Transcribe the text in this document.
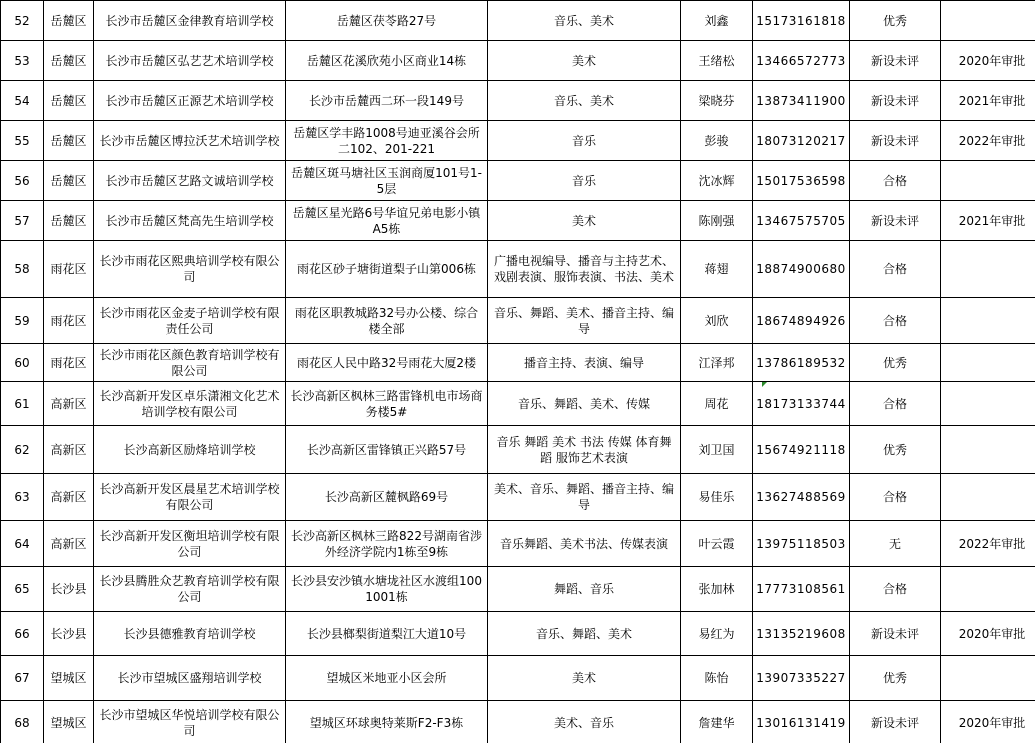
52	岳麓区	长沙市岳麓区金律教育培训学校	岳麓区茯苓路27号	音乐、美术	刘鑫	15173161818	优秀	
53	岳麓区	长沙市岳麓区弘艺艺术培训学校	岳麓区花溪欣苑小区商业14栋	美术	王绪松	13466572773	新设未评	2020年审批
54	岳麓区	长沙市岳麓区正源艺术培训学校	长沙市岳麓西二环一段149号	音乐、美术	梁晓芬	13873411900	新设未评	2021年审批
55	岳麓区	长沙市岳麓区博拉沃艺术培训学校	岳麓区学丰路1008号迪亚溪谷会所二102、201-221	音乐	彭骏	18073120217	新设未评	2022年审批
56	岳麓区	长沙市岳麓区艺路文诚培训学校	岳麓区斑马塘社区玉润商厦101号1-5层	音乐	沈冰辉	15017536598	合格	
57	岳麓区	长沙市岳麓区梵高先生培训学校	岳麓区星光路6号华谊兄弟电影小镇A5栋	美术	陈刚强	13467575705	新设未评	2021年审批
58	雨花区	长沙市雨花区熙典培训学校有限公司	雨花区砂子塘街道梨子山第006栋	广播电视编导、播音与主持艺术、戏剧表演、服饰表演、书法、美术	蒋翅	18874900680	合格	
59	雨花区	长沙市雨花区金麦子培训学校有限责任公司	雨花区职教城路32号办公楼、综合楼全部	音乐、舞蹈、美术、播音主持、编导	刘欣	18674894926	合格	
60	雨花区	长沙市雨花区颜色教育培训学校有限公司	雨花区人民中路32号雨花大厦2楼	播音主持、表演、编导	江泽邦	13786189532	优秀	
61	高新区	长沙高新开发区卓乐潇湘文化艺术培训学校有限公司	长沙高新区枫林三路雷锋机电市场商务楼5#	音乐、舞蹈、美术、传媒	周花	18173133744	合格	
62	高新区	长沙高新区励烽培训学校	长沙高新区雷锋镇正兴路57号	音乐 舞蹈 美术 书法 传媒 体育舞蹈 服饰艺术表演	刘卫国	15674921118	优秀	
63	高新区	长沙高新开发区晨星艺术培训学校有限公司	长沙高新区麓枫路69号	美术、音乐、舞蹈、播音主持、编导	易佳乐	13627488569	合格	
64	高新区	长沙高新开发区衡坦培训学校有限公司	长沙高新区枫林三路822号湖南省涉外经济学院内1栋至9栋	音乐舞蹈、美术书法、传媒表演	叶云霞	13975118503	无	2022年审批
65	长沙县	长沙县腾胜众艺教育培训学校有限公司	长沙县安沙镇水塘垅社区水渡组1001001栋	舞蹈、音乐	张加林	17773108561	合格	
66	长沙县	长沙县德雅教育培训学校	长沙县榔梨街道梨江大道10号	音乐、舞蹈、美术	易红为	13135219608	新设未评	2020年审批
67	望城区	长沙市望城区盛翔培训学校	望城区米地亚小区会所	美术	陈怡	13907335227	优秀	
68	望城区	长沙市望城区华悦培训学校有限公司	望城区环球奥特莱斯F2-F3栋	美术、音乐	詹建华	13016131419	新设未评	2020年审批
